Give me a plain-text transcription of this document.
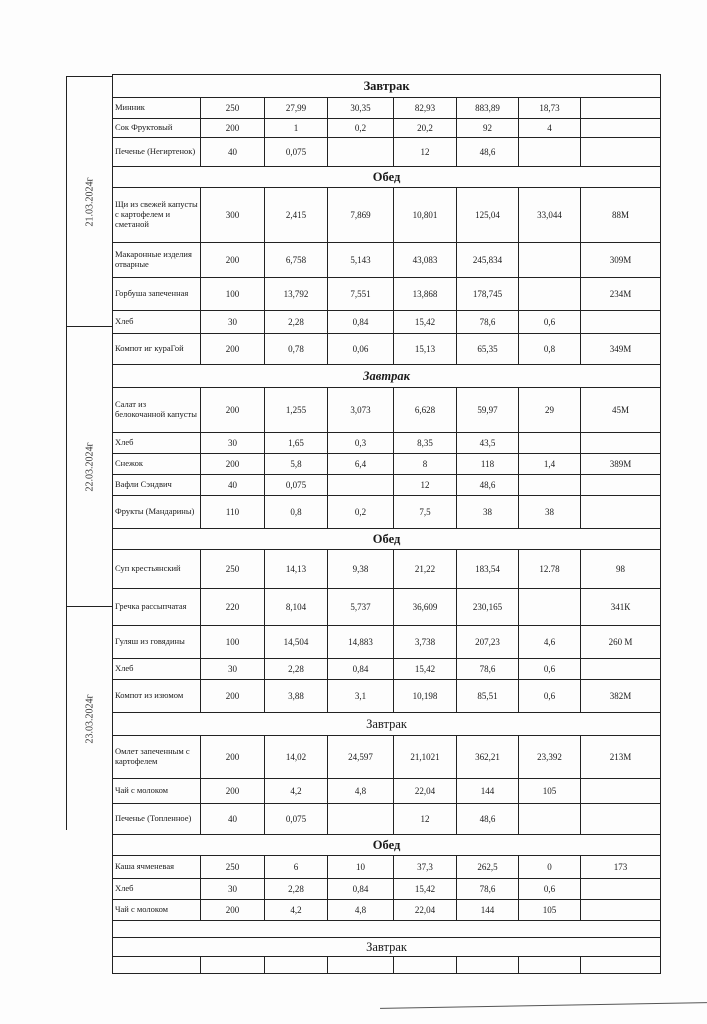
21.03.2024г
22.03.2024г
23.03.2024г
Завтрак							
Минник	250	27,99	30,35	82,93	883,89	18,73	
Сок Фруктовый	200	1	0,2	20,2	92	4	
Печенье (Негиртенок)	40	0,075		12	48,6		
Обед							
Щи из свежей капусты с картофелем и сметаной	300	2,415	7,869	10,801	125,04	33,044	88М
Макаронные изделия отварные	200	6,758	5,143	43,083	245,834		309М
Горбуша запеченная	100	13,792	7,551	13,868	178,745		234М
Хлеб	30	2,28	0,84	15,42	78,6	0,6	
Компот иг кураГой	200	0,78	0,06	15,13	65,35	0,8	349М
Завтрак							
Салат из белокочанной капусты	200	1,255	3,073	6,628	59,97	29	45М
Хлеб	30	1,65	0,3	8,35	43,5		
Снежок	200	5,8	6,4	8	118	1,4	389М
Вафли Сэндвич	40	0,075		12	48,6		
Фрукты (Мандарины)	110	0,8	0,2	7,5	38	38	
Обед							
Суп крестьянский	250	14,13	9,38	21,22	183,54	12.78	98
Гречка рассыпчатая	220	8,104	5,737	36,609	230,165		341К
Гуляш из говядины	100	14,504	14,883	3,738	207,23	4,6	260 М
Хлеб	30	2,28	0,84	15,42	78,6	0,6	
Компот из изюмом	200	3,88	3,1	10,198	85,51	0,6	382М
Завтрак							
Омлет запеченным с картофелем	200	14,02	24,597	21,1021	362,21	23,392	213М
Чай с молоком	200	4,2	4,8	22,04	144	105	
Печенье (Топленное)	40	0,075		12	48,6		
Обед							
Каша ячменевая	250	6	10	37,3	262,5	0	173
Хлеб	30	2,28	0,84	15,42	78,6	0,6	
Чай с молоком	200	4,2	4,8	22,04	144	105	

Завтрак							
